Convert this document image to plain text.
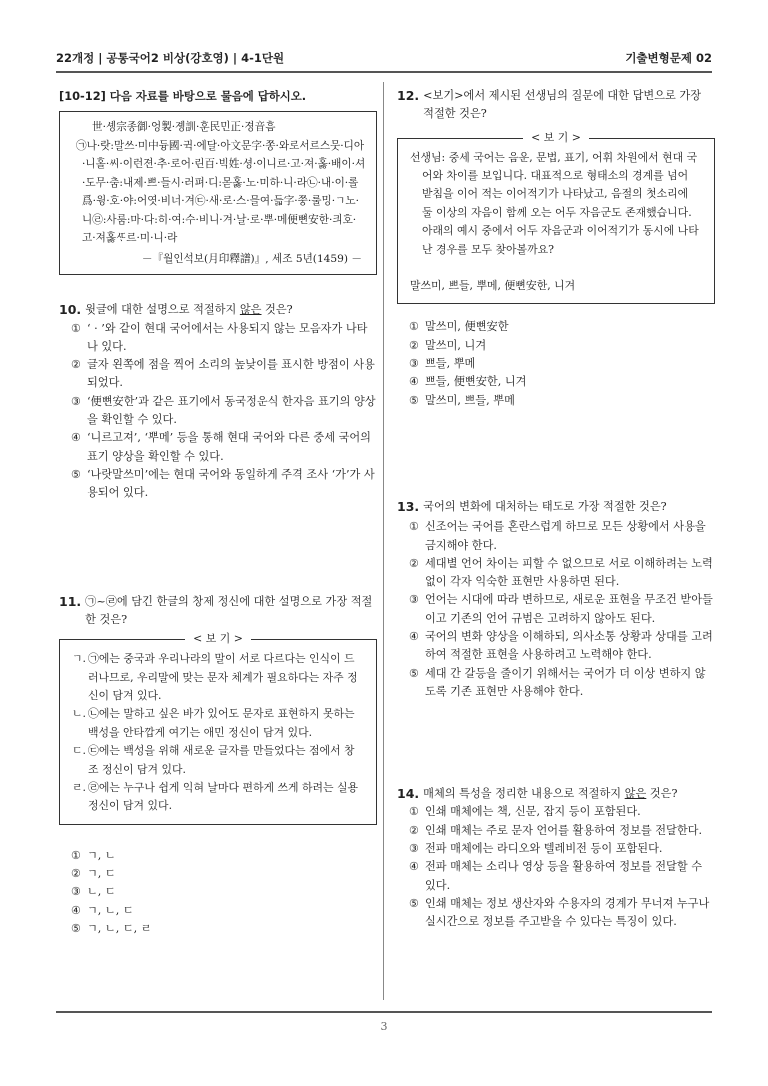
22개정 | 공통국어2 비상(강호영) | 4-1단원	기출변형문제 02

[10-12] 다음 자료를 바탕으로 물음에 답하시오.

世·솅宗종御·엉製·졩訓·훈民민正·졍音흠
㉠나·랏:말쓰·미中듕國·귁·에달·아文문字·쫑·와로서르스뭇·디아·니홀·씨·이런젼·추·로어·린百·빅姓·셩·이니르·고·져·홇·배이·셔·도무·춤:내제·쁘·들시·러펴·디:몯홇·노·미하·니·라㉡·내·이·롤爲·윙·호·야:어엿·비너·겨㉢·새·로·스·믈여·듧字·쭝·룰밍·ㄱ노·니㉣:사룸:마·다:히·여:수·비니·겨·날·로·뿌·메便뼌安한·킈호·고·져홇ᄯᆞ르·미·니·라
－『월인석보(月印釋譜)』, 세조 5년(1459) －
10. 윗글에 대한 설명으로 적절하지 않은 것은?
① ‘ · ’와 같이 현대 국어에서는 사용되지 않는 모음자가 나타나 있다.
② 글자 왼쪽에 점을 찍어 소리의 높낮이를 표시한 방점이 사용되었다.
③ ‘便뼌安한’과 같은 표기에서 동국정운식 한자음 표기의 양상을 확인할 수 있다.
④ ‘니르고져’, ‘뿌메’ 등을 통해 현대 국어와 다른 중세 국어의 표기 양상을 확인할 수 있다.
⑤ ‘나랏말쓰미’에는 현대 국어와 동일하게 주격 조사 ‘가’가 사용되어 있다.
11. ㉠~㉣에 담긴 한글의 창제 정신에 대한 설명으로 가장 적절한 것은?
< 보 기 >
ㄱ. ㉠에는 중국과 우리나라의 말이 서로 다르다는 인식이 드러나므로, 우리말에 맞는 문자 체계가 필요하다는 자주 정신이 담겨 있다.
ㄴ. ㉡에는 말하고 싶은 바가 있어도 문자로 표현하지 못하는 백성을 안타깝게 여기는 애민 정신이 담겨 있다.
ㄷ. ㉢에는 백성을 위해 새로운 글자를 만들었다는 점에서 창조 정신이 담겨 있다.
ㄹ. ㉣에는 누구나 쉽게 익혀 날마다 편하게 쓰게 하려는 실용 정신이 담겨 있다.
① ㄱ, ㄴ
② ㄱ, ㄷ
③ ㄴ, ㄷ
④ ㄱ, ㄴ, ㄷ
⑤ ㄱ, ㄴ, ㄷ, ㄹ
12. <보기>에서 제시된 선생님의 질문에 대한 답변으로 가장 적절한 것은?
< 보 기 >
선생님: 중세 국어는 음운, 문법, 표기, 어휘 차원에서 현대 국어와 차이를 보입니다. 대표적으로 형태소의 경계를 넘어 받침을 이어 적는 이어적기가 나타났고, 음절의 첫소리에 둘 이상의 자음이 함께 오는 어두 자음군도 존재했습니다. 아래의 예시 중에서 어두 자음군과 이어적기가 동시에 나타난 경우를 모두 찾아볼까요?
말쓰미, 쁘들, 뿌메, 便뼌安한, 니겨
① 말쓰미, 便뼌安한
② 말쓰미, 니겨
③ 쁘들, 뿌메
④ 쁘들, 便뼌安한, 니겨
⑤ 말쓰미, 쁘들, 뿌메
13. 국어의 변화에 대처하는 태도로 가장 적절한 것은?
① 신조어는 국어를 혼란스럽게 하므로 모든 상황에서 사용을 금지해야 한다.
② 세대별 언어 차이는 피할 수 없으므로 서로 이해하려는 노력 없이 각자 익숙한 표현만 사용하면 된다.
③ 언어는 시대에 따라 변하므로, 새로운 표현을 무조건 받아들이고 기존의 언어 규범은 고려하지 않아도 된다.
④ 국어의 변화 양상을 이해하되, 의사소통 상황과 상대를 고려하여 적절한 표현을 사용하려고 노력해야 한다.
⑤ 세대 간 갈등을 줄이기 위해서는 국어가 더 이상 변하지 않도록 기존 표현만 사용해야 한다.
14. 매체의 특성을 정리한 내용으로 적절하지 않은 것은?
① 인쇄 매체에는 책, 신문, 잡지 등이 포함된다.
② 인쇄 매체는 주로 문자 언어를 활용하여 정보를 전달한다.
③ 전파 매체에는 라디오와 텔레비전 등이 포함된다.
④ 전파 매체는 소리나 영상 등을 활용하여 정보를 전달할 수 있다.
⑤ 인쇄 매체는 정보 생산자와 수용자의 경계가 무너져 누구나 실시간으로 정보를 주고받을 수 있다는 특징이 있다.
3
